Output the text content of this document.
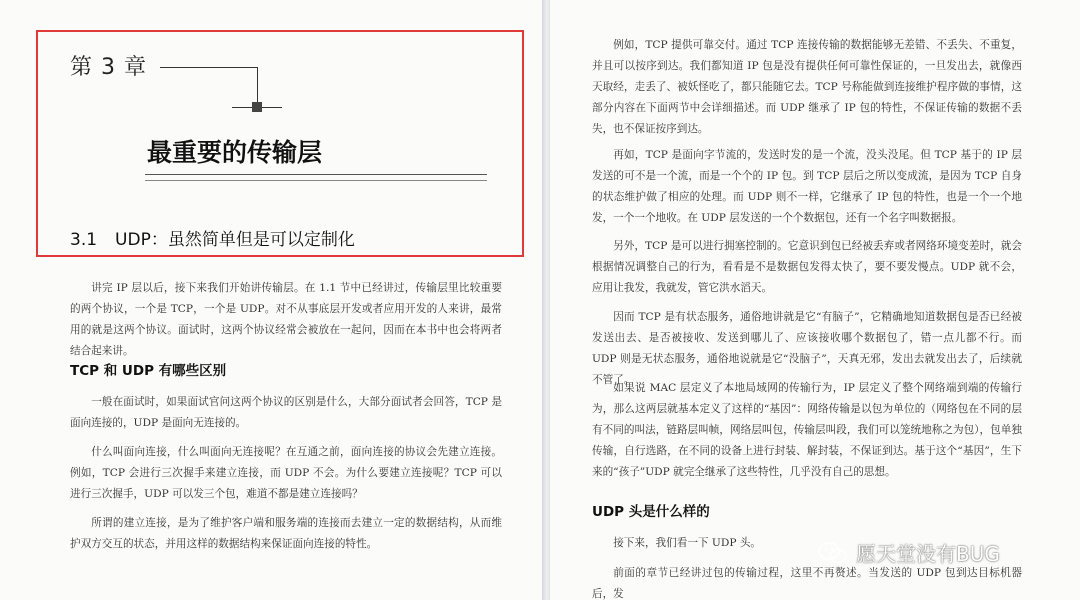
第 3 章
最重要的传输层
3.1 UDP：虽然简单但是可以定制化

讲完 IP 层以后，接下来我们开始讲传输层。在 1.1 节中已经讲过，传输层里比较重要的两个协议，一个是 TCP，一个是 UDP。对不从事底层开发或者应用开发的人来讲，最常用的就是这两个协议。面试时，这两个协议经常会被放在一起问，因而在本书中也会将两者结合起来讲。

TCP 和 UDP 有哪些区别

一般在面试时，如果面试官问这两个协议的区别是什么，大部分面试者会回答，TCP 是面向连接的，UDP 是面向无连接的。

什么叫面向连接，什么叫面向无连接呢？在互通之前，面向连接的协议会先建立连接。例如，TCP 会进行三次握手来建立连接，而 UDP 不会。为什么要建立连接呢？TCP 可以进行三次握手，UDP 可以发三个包，难道不都是建立连接吗？

所谓的建立连接，是为了维护客户端和服务端的连接而去建立一定的数据结构，从而维护双方交互的状态，并用这样的数据结构来保证面向连接的特性。

例如，TCP 提供可靠交付。通过 TCP 连接传输的数据能够无差错、不丢失、不重复，并且可以按序到达。我们都知道 IP 包是没有提供任何可靠性保证的，一旦发出去，就像西天取经，走丢了、被妖怪吃了，都只能随它去。TCP 号称能做到连接维护程序做的事情，这部分内容在下面两节中会详细描述。而 UDP 继承了 IP 包的特性，不保证传输的数据不丢失，也不保证按序到达。

再如，TCP 是面向字节流的，发送时发的是一个流，没头没尾。但 TCP 基于的 IP 层发送的可不是一个流，而是一个个的 IP 包。到 TCP 层后之所以变成流，是因为 TCP 自身的状态维护做了相应的处理。而 UDP 则不一样，它继承了 IP 包的特性，也是一个一个地发，一个一个地收。在 UDP 层发送的一个个数据包，还有一个名字叫数据报。

另外，TCP 是可以进行拥塞控制的。它意识到包已经被丢弃或者网络环境变差时，就会根据情况调整自己的行为，看看是不是数据包发得太快了，要不要发慢点。UDP 就不会，应用让我发，我就发，管它洪水滔天。

因而 TCP 是有状态服务，通俗地讲就是它“有脑子”，它精确地知道数据包是否已经被发送出去、是否被接收、发送到哪儿了、应该接收哪个数据包了，错一点儿都不行。而 UDP 则是无状态服务，通俗地说就是它“没脑子”，天真无邪，发出去就发出去了，后续就不管了。

如果说 MAC 层定义了本地局域网的传输行为，IP 层定义了整个网络端到端的传输行为，那么这两层就基本定义了这样的“基因”：网络传输是以包为单位的（网络包在不同的层有不同的叫法，链路层叫帧，网络层叫包，传输层叫段，我们可以笼统地称之为包），包单独传输，自行选路，在不同的设备上进行封装、解封装，不保证到达。基于这个“基因”，生下来的“孩子”UDP 就完全继承了这些特性，几乎没有自己的思想。

UDP 头是什么样的

接下来，我们看一下 UDP 头。

前面的章节已经讲过包的传输过程，这里不再赘述。当发送的 UDP 包到达目标机器后，发

愿天堂没有BUG
